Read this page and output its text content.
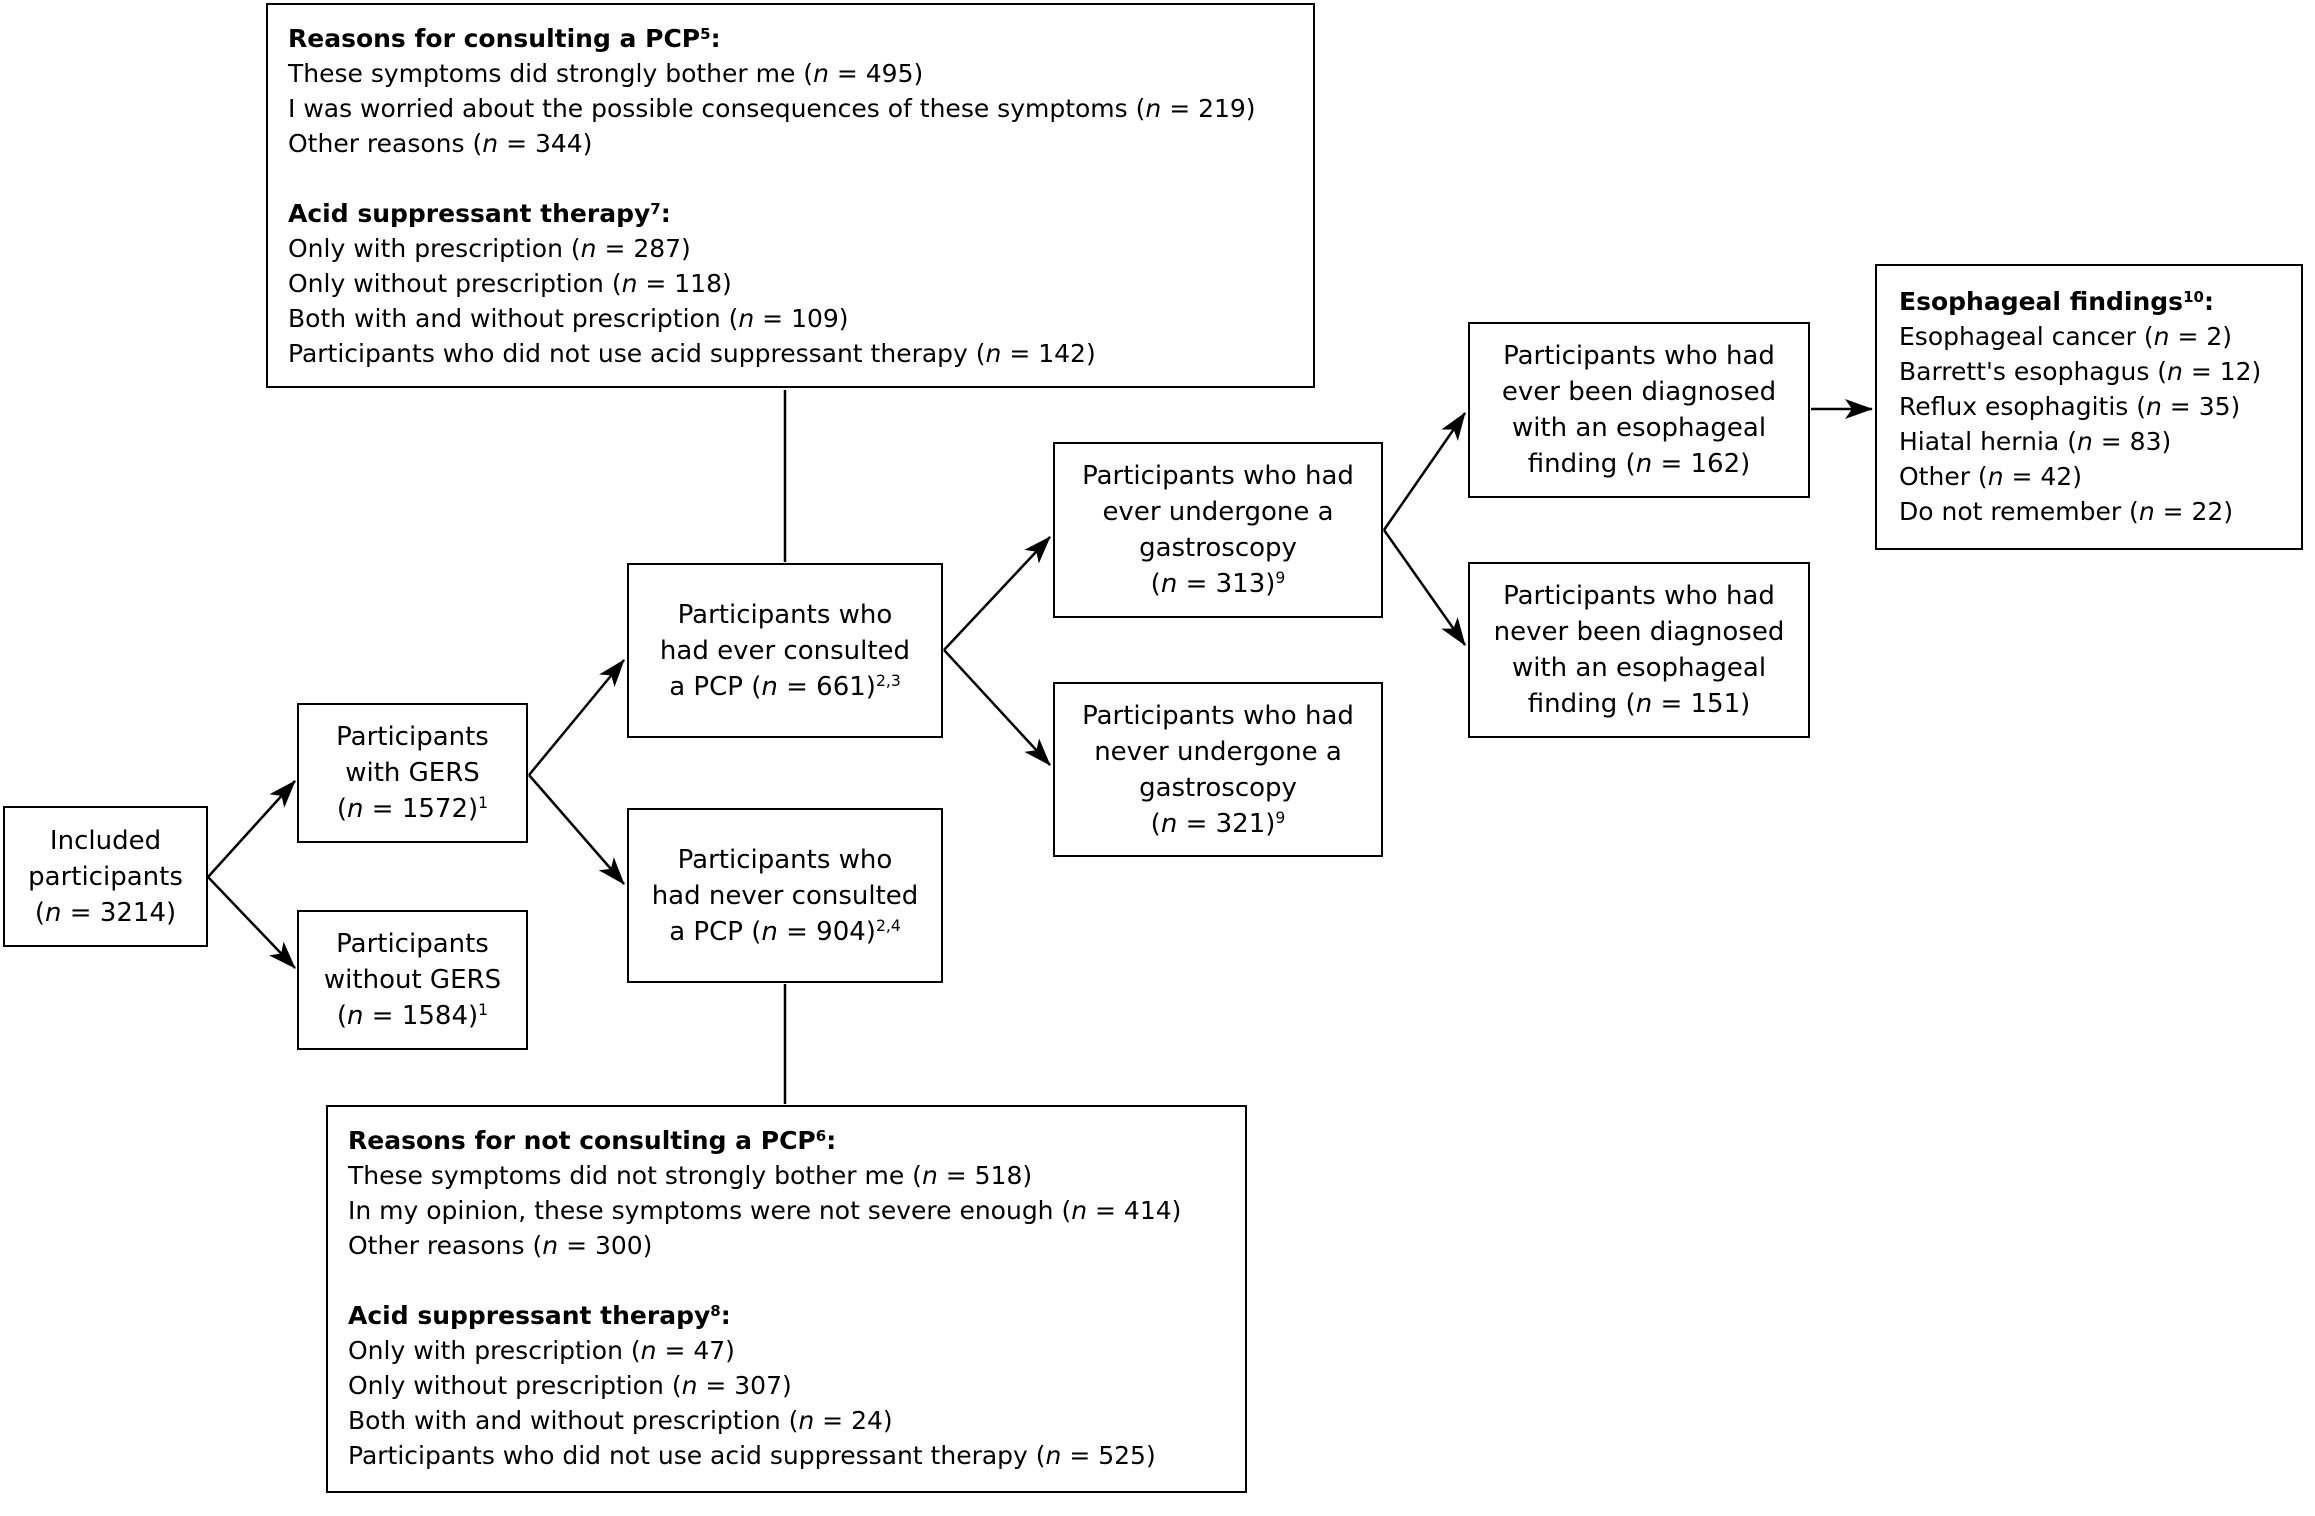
Reasons for consulting a PCP$^5$:
These symptoms did strongly bother me (n = 495)
I was worried about the possible consequences of these symptoms (n = 219)
Other reasons (n = 344)
Acid suppressant therapy$^7$:
Only with prescription (n = 287)
Only without prescription (n = 118)
Both with and without prescription (n = 109)
Participants who did not use acid suppressant therapy (n = 142)
Included
participants
(n = 3214)
Participants
with GERS
(n = 1572)$^1$
Participants
without GERS
(n = 1584)$^1$
Participants who
had ever consulted
a PCP (n = 661)$^{2,3}$
Participants who
had never consulted
a PCP (n = 904)$^{2,4}$
Participants who had
ever undergone a
gastroscopy
(n = 313)$^9$
Participants who had
never undergone a
gastroscopy
(n = 321)$^9$
Participants who had
ever been diagnosed
with an esophageal
finding (n = 162)
Participants who had
never been diagnosed
with an esophageal
finding (n = 151)
Esophageal findings$^{10}$:
Esophageal cancer (n = 2)
Barrett's esophagus (n = 12)
Reflux esophagitis (n = 35)
Hiatal hernia (n = 83)
Other (n = 42)
Do not remember (n = 22)
Reasons for not consulting a PCP$^6$:
These symptoms did not strongly bother me (n = 518)
In my opinion, these symptoms were not severe enough (n = 414)
Other reasons (n = 300)
Acid suppressant therapy$^8$:
Only with prescription (n = 47)
Only without prescription (n = 307)
Both with and without prescription (n = 24)
Participants who did not use acid suppressant therapy (n = 525)
